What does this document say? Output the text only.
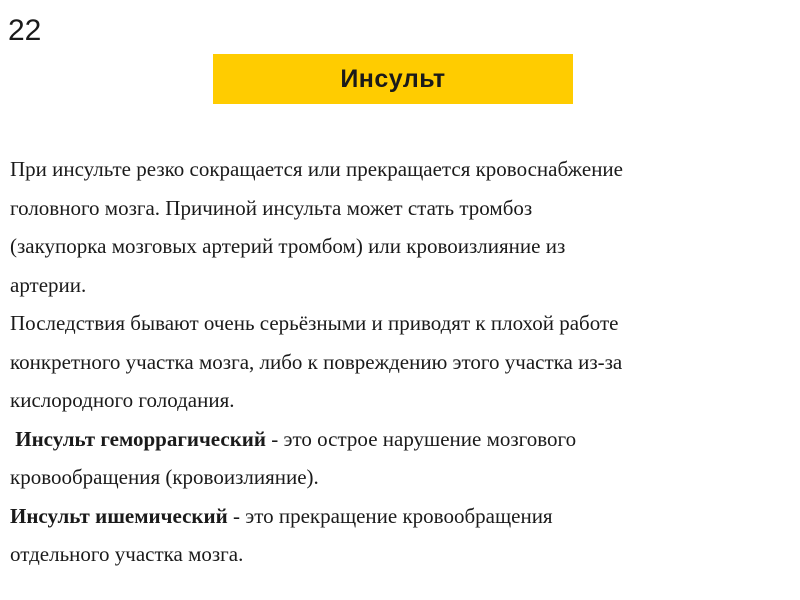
22
Инсульт

При инсульте резко сокращается или прекращается кровоснабжение

головного мозга. Причиной инсульта может стать тромбоз

(закупорка мозговых артерий тромбом) или кровоизлияние из

артерии.

Последствия бывают очень серьёзными и приводят к плохой работе

конкретного участка мозга, либо к повреждению этого участка из-за

кислородного голодания.

Инсульт геморрагический - это острое нарушение мозгового

кровообращения (кровоизлияние).

Инсульт ишемический - это прекращение кровообращения

отдельного участка мозга.
